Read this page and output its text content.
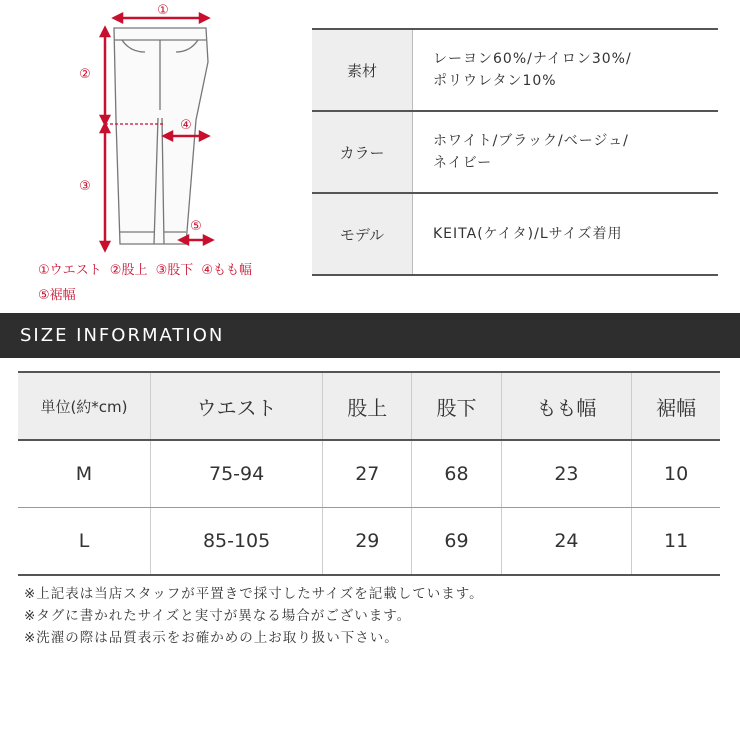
①
②
③
④
⑤
①ウエスト ②股上 ③股下 ④もも幅
⑤裾幅
素材	レーヨン60%/ナイロン30%/
ポリウレタン10%

カラー	ホワイト/ブラック/ベージュ/
ネイビー

モデル	KEITA(ケイタ)/Lサイズ着用
SIZE INFORMATION
単位(約*cm)	ウエスト	股上	股下	もも幅	裾幅
M	75-94	27	68	23	10
L	85-105	29	69	24	11
※上記表は当店スタッフが平置きで採寸したサイズを記載しています。
※タグに書かれたサイズと実寸が異なる場合がございます。
※洗濯の際は品質表示をお確かめの上お取り扱い下さい。
